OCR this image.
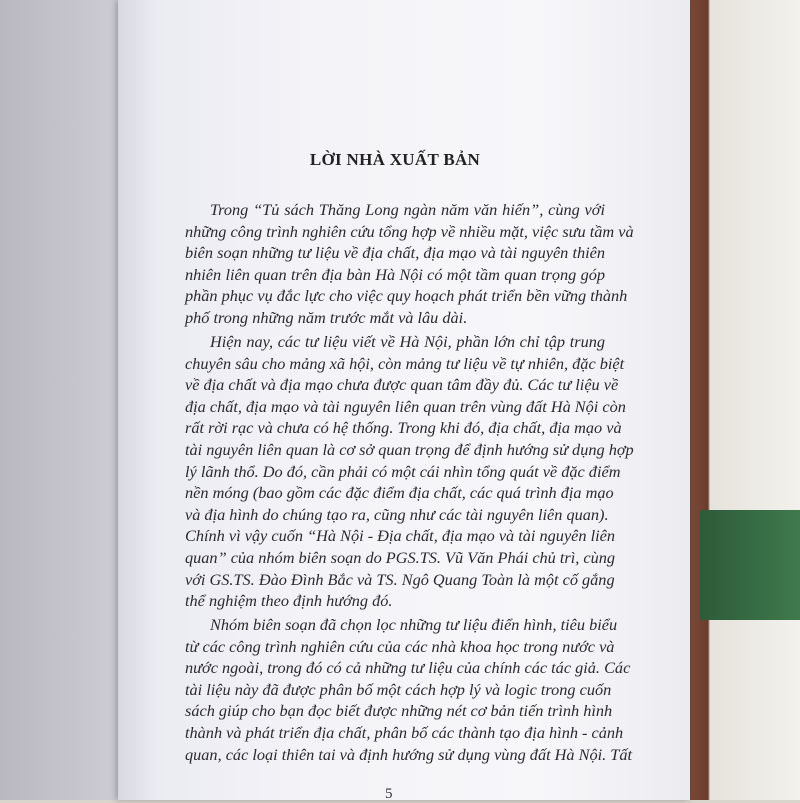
LỜI NHÀ XUẤT BẢN
Trong “Tủ sách Thăng Long ngàn năm văn hiến”, cùng với
những công trình nghiên cứu tổng hợp về nhiều mặt, việc sưu tầm và
biên soạn những tư liệu về địa chất, địa mạo và tài nguyên thiên
nhiên liên quan trên địa bàn Hà Nội có một tầm quan trọng góp
phần phục vụ đắc lực cho việc quy hoạch phát triển bền vững thành
phố trong những năm trước mắt và lâu dài.
Hiện nay, các tư liệu viết về Hà Nội, phần lớn chỉ tập trung
chuyên sâu cho mảng xã hội, còn mảng tư liệu về tự nhiên, đặc biệt
về địa chất và địa mạo chưa được quan tâm đầy đủ. Các tư liệu về
địa chất, địa mạo và tài nguyên liên quan trên vùng đất Hà Nội còn
rất rời rạc và chưa có hệ thống. Trong khi đó, địa chất, địa mạo và
tài nguyên liên quan là cơ sở quan trọng để định hướng sử dụng hợp
lý lãnh thổ. Do đó, cần phải có một cái nhìn tổng quát về đặc điểm
nền móng (bao gồm các đặc điểm địa chất, các quá trình địa mạo
và địa hình do chúng tạo ra, cũng như các tài nguyên liên quan).
Chính vì vậy cuốn “Hà Nội - Địa chất, địa mạo và tài nguyên liên
quan” của nhóm biên soạn do PGS.TS. Vũ Văn Phái chủ trì, cùng
với GS.TS. Đào Đình Bắc và TS. Ngô Quang Toàn là một cố gắng
thể nghiệm theo định hướng đó.
Nhóm biên soạn đã chọn lọc những tư liệu điển hình, tiêu biểu
từ các công trình nghiên cứu của các nhà khoa học trong nước và
nước ngoài, trong đó có cả những tư liệu của chính các tác giả. Các
tài liệu này đã được phân bố một cách hợp lý và logic trong cuốn
sách giúp cho bạn đọc biết được những nét cơ bản tiến trình hình
thành và phát triển địa chất, phân bố các thành tạo địa hình - cảnh
quan, các loại thiên tai và định hướng sử dụng vùng đất Hà Nội. Tất
5
